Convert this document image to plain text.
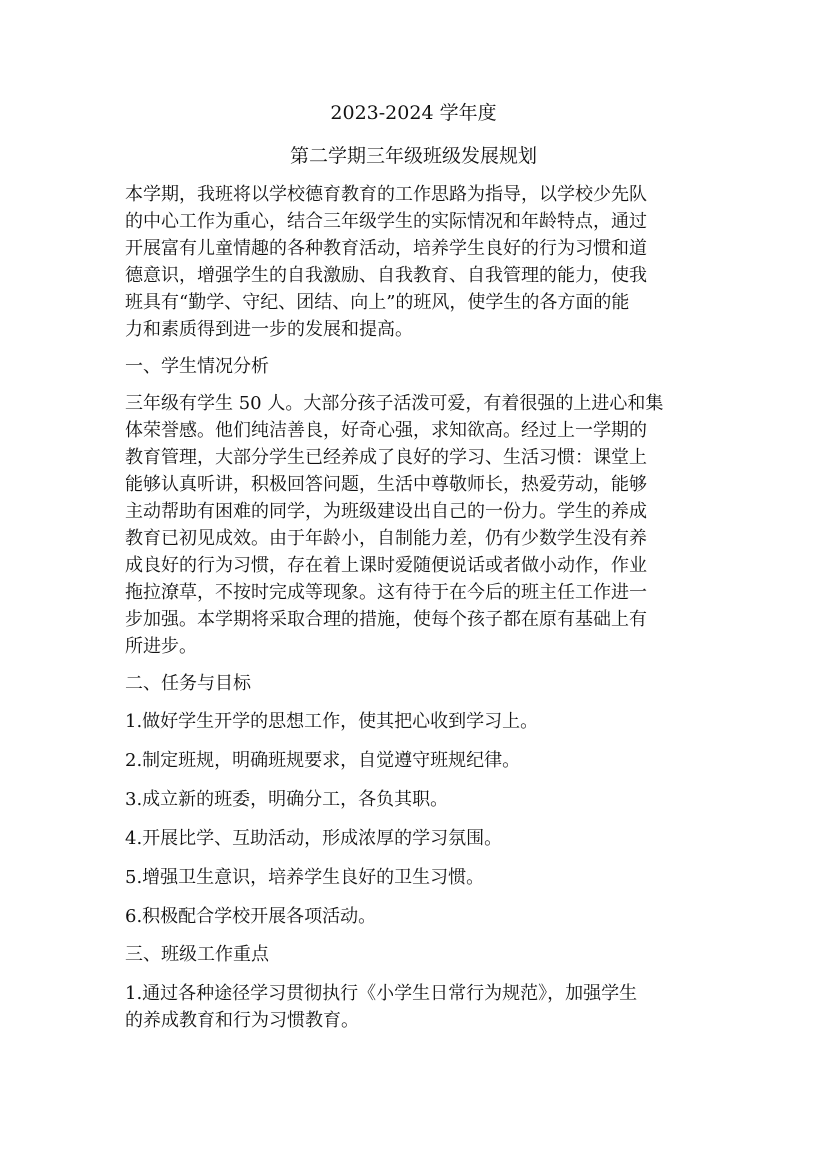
2023-2024 学年度
第二学期三年级班级发展规划

本学期，我班将以学校德育教育的工作思路为指导，以学校少先队

的中心工作为重心，结合三年级学生的实际情况和年龄特点，通过

开展富有儿童情趣的各种教育活动，培养学生良好的行为习惯和道

德意识，增强学生的自我激励、自我教育、自我管理的能力，使我

班具有“勤学、守纪、团结、向上”的班风，使学生的各方面的能

力和素质得到进一步的发展和提高。

一、学生情况分析

三年级有学生 50 人。大部分孩子活泼可爱，有着很强的上进心和集

体荣誉感。他们纯洁善良，好奇心强，求知欲高。经过上一学期的

教育管理，大部分学生已经养成了良好的学习、生活习惯：课堂上

能够认真听讲，积极回答问题，生活中尊敬师长，热爱劳动，能够

主动帮助有困难的同学，为班级建设出自己的一份力。学生的养成

教育已初见成效。由于年龄小，自制能力差，仍有少数学生没有养

成良好的行为习惯，存在着上课时爱随便说话或者做小动作，作业

拖拉潦草，不按时完成等现象。这有待于在今后的班主任工作进一

步加强。本学期将采取合理的措施，使每个孩子都在原有基础上有

所进步。

二、任务与目标

1.做好学生开学的思想工作，使其把心收到学习上。

2.制定班规，明确班规要求，自觉遵守班规纪律。

3.成立新的班委，明确分工，各负其职。

4.开展比学、互助活动，形成浓厚的学习氛围。

5.增强卫生意识，培养学生良好的卫生习惯。

6.积极配合学校开展各项活动。

三、班级工作重点

1.通过各种途径学习贯彻执行《小学生日常行为规范》，加强学生

的养成教育和行为习惯教育。
